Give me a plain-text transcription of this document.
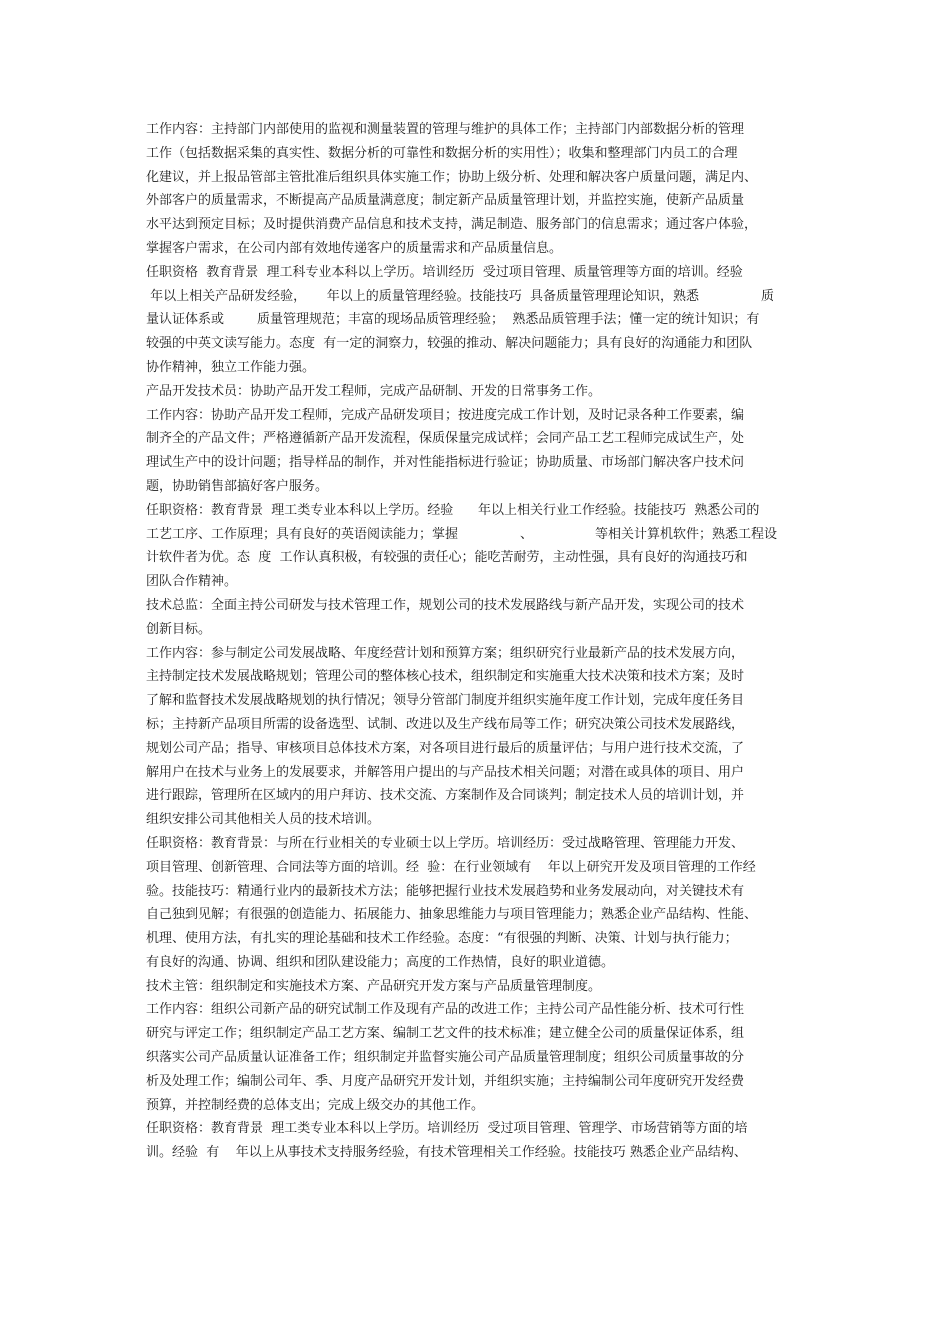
工作内容：主持部门内部使用的监视和测量装置的管理与维护的具体工作；主持部门内部数据分析的管理
工作（包括数据采集的真实性、数据分析的可靠性和数据分析的实用性）；收集和整理部门内员工的合理
化建议，并上报品管部主管批准后组织具体实施工作；协助上级分析、处理和解决客户质量问题，满足内、
外部客户的质量需求，不断提高产品质量满意度；制定新产品质量管理计划，并监控实施，使新产品质量
水平达到预定目标；及时提供消费产品信息和技术支持，满足制造、服务部门的信息需求；通过客户体验，
掌握客户需求，在公司内部有效地传递客户的质量需求和产品质量信息。
任职资格  教育背景  理工科专业本科以上学历。培训经历  受过项目管理、质量管理等方面的培训。经验
年以上相关产品研发经验，     年以上的质量管理经验。技能技巧  具备质量管理理论知识，熟悉               质
量认证体系或        质量管理规范；丰富的现场品质管理经验；  熟悉品质管理手法；懂一定的统计知识；有
较强的中英文读写能力。态度  有一定的洞察力，较强的推动、解决问题能力；具有良好的沟通能力和团队
协作精神，独立工作能力强。
产品开发技术员：协助产品开发工程师，完成产品研制、开发的日常事务工作。
工作内容：协助产品开发工程师，完成产品研发项目；按进度完成工作计划，及时记录各种工作要素，编
制齐全的产品文件；严格遵循新产品开发流程，保质保量完成试样；会同产品工艺工程师完成试生产，处
理试生产中的设计问题；指导样品的制作，并对性能指标进行验证；协助质量、市场部门解决客户技术问
题，协助销售部搞好客户服务。
任职资格：教育背景  理工类专业本科以上学历。经验      年以上相关行业工作经验。技能技巧  熟悉公司的
工艺工序、工作原理；具有良好的英语阅读能力；掌握               、               等相关计算机软件；熟悉工程设
计软件者为优。态  度  工作认真积极，有较强的责任心；能吃苦耐劳，主动性强，具有良好的沟通技巧和
团队合作精神。
技术总监：全面主持公司研发与技术管理工作，规划公司的技术发展路线与新产品开发，实现公司的技术
创新目标。
工作内容：参与制定公司发展战略、年度经营计划和预算方案；组织研究行业最新产品的技术发展方向，
主持制定技术发展战略规划；管理公司的整体核心技术，组织制定和实施重大技术决策和技术方案；及时
了解和监督技术发展战略规划的执行情况；领导分管部门制度并组织实施年度工作计划，完成年度任务目
标；主持新产品项目所需的设备选型、试制、改进以及生产线布局等工作；研究决策公司技术发展路线，
规划公司产品；指导、审核项目总体技术方案，对各项目进行最后的质量评估；与用户进行技术交流，了
解用户在技术与业务上的发展要求，并解答用户提出的与产品技术相关问题；对潜在或具体的项目、用户
进行跟踪，管理所在区域内的用户拜访、技术交流、方案制作及合同谈判；制定技术人员的培训计划，并
组织安排公司其他相关人员的技术培训。
任职资格：教育背景：与所在行业相关的专业硕士以上学历。培训经历：受过战略管理、管理能力开发、
项目管理、创新管理、合同法等方面的培训。经  验：在行业领域有    年以上研究开发及项目管理的工作经
验。技能技巧：精通行业内的最新技术方法；能够把握行业技术发展趋势和业务发展动向，对关键技术有
自己独到见解；有很强的创造能力、拓展能力、抽象思维能力与项目管理能力；熟悉企业产品结构、性能、
机理、使用方法，有扎实的理论基础和技术工作经验。态度：“有很强的判断、决策、计划与执行能力；
有良好的沟通、协调、组织和团队建设能力；高度的工作热情，良好的职业道德。
技术主管：组织制定和实施技术方案、产品研究开发方案与产品质量管理制度。
工作内容：组织公司新产品的研究试制工作及现有产品的改进工作；主持公司产品性能分析、技术可行性
研究与评定工作；组织制定产品工艺方案、编制工艺文件的技术标准；建立健全公司的质量保证体系，组
织落实公司产品质量认证准备工作；组织制定并监督实施公司产品质量管理制度；组织公司质量事故的分
析及处理工作；编制公司年、季、月度产品研究开发计划，并组织实施；主持编制公司年度研究开发经费
预算，并控制经费的总体支出；完成上级交办的其他工作。
任职资格：教育背景  理工类专业本科以上学历。培训经历  受过项目管理、管理学、市场营销等方面的培
训。经验  有    年以上从事技术支持服务经验，有技术管理相关工作经验。技能技巧 熟悉企业产品结构、
